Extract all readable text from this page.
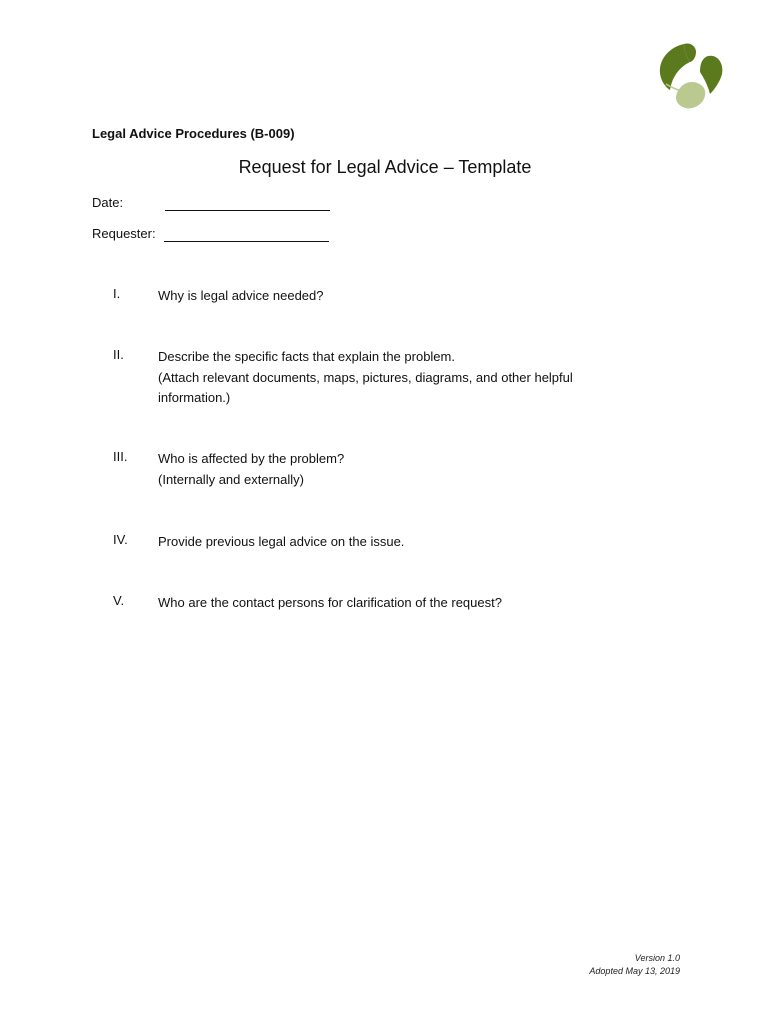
Legal Advice Procedures (B-009)
Request for Legal Advice – Template
Date:
Requester:
I.	Why is legal advice needed?
II.	Describe the specific facts that explain the problem.
(Attach relevant documents, maps, pictures, diagrams, and other helpful
information.)
III. Who is affected by the problem?
(Internally and externally)
IV. Provide previous legal advice on the issue.
V.	Who are the contact persons for clarification of the request?
Version 1.0
Adopted May 13, 2019
